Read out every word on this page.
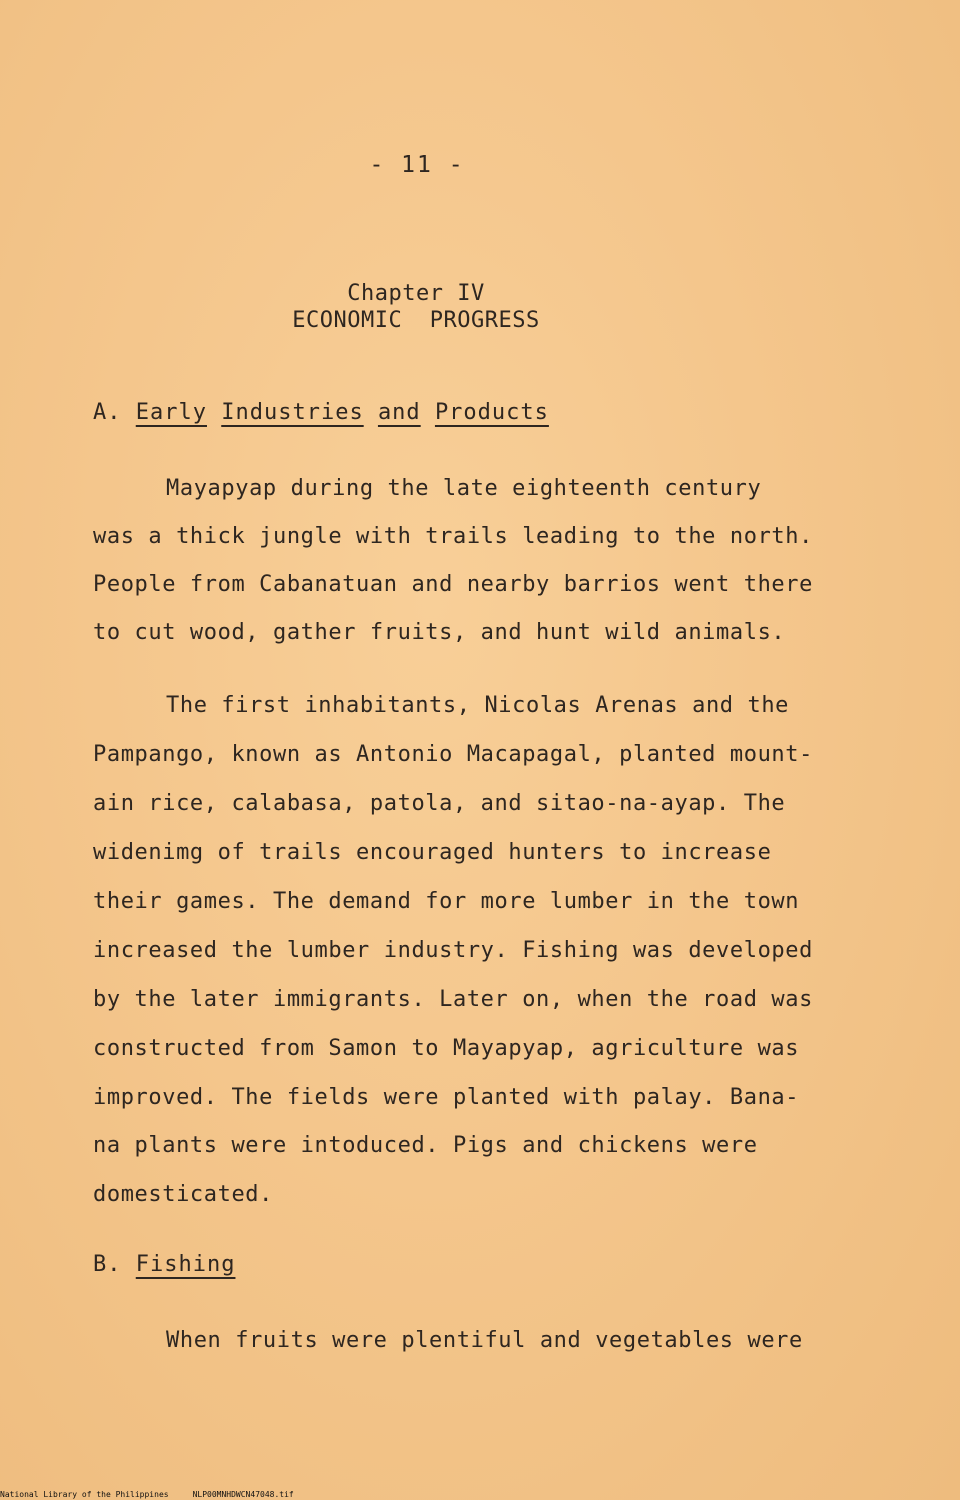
- 11 -
Chapter IV
ECONOMIC  PROGRESS
A. Early Industries and Products
Mayapyap during the late eighteenth century
was a thick jungle with trails leading to the north.
People from Cabanatuan and nearby barrios went there
to cut wood, gather fruits, and hunt wild animals.
The first inhabitants, Nicolas Arenas and the
Pampango, known as Antonio Macapagal, planted mount-
ain rice, calabasa, patola, and sitao-na-ayap. The
widenimg of trails encouraged hunters to increase
their games. The demand for more lumber in the town
increased the lumber industry. Fishing was developed
by the later immigrants. Later on, when the road was
constructed from Samon to Mayapyap, agriculture was
improved. The fields were planted with palay. Bana-
na plants were intoduced. Pigs and chickens were
domesticated.
B. Fishing
When fruits were plentiful and vegetables were
National Library of the Philippines	NLP00MNHDWCN47048.tif
